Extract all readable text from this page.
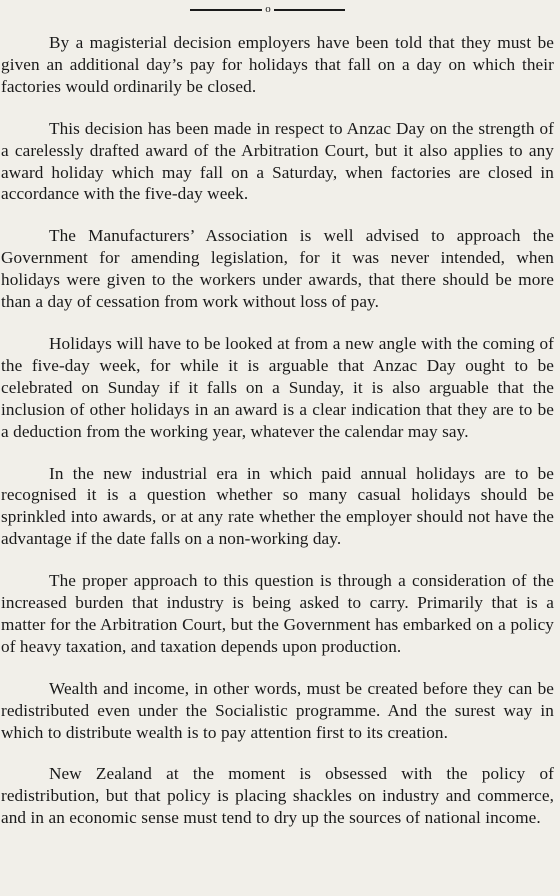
o

By a magisterial decision employers have been told that they must be given an additional day’s pay for holidays that fall on a day on which their factories would ordinarily be closed.

This decision has been made in respect to Anzac Day on the strength of a carelessly drafted award of the Arbitration Court, but it also applies to any award holiday which may fall on a Saturday, when factories are closed in accordance with the five-day week.

The Manufacturers’ Association is well advised to approach the Government for amending legislation, for it was never intended, when holidays were given to the workers under awards, that there should be more than a day of cessation from work without loss of pay.

Holidays will have to be looked at from a new angle with the coming of the five-day week, for while it is arguable that Anzac Day ought to be celebrated on Sunday if it falls on a Sunday, it is also arguable that the inclusion of other holidays in an award is a clear indication that they are to be a deduction from the working year, whatever the calendar may say.

In the new industrial era in which paid annual holidays are to be recognised it is a question whether so many casual holidays should be sprinkled into awards, or at any rate whether the employer should not have the advantage if the date falls on a non-working day.

The proper approach to this question is through a consideration of the increased burden that industry is being asked to carry. Primarily that is a matter for the Arbitration Court, but the Government has embarked on a policy of heavy taxation, and taxation depends upon production.

Wealth and income, in other words, must be created before they can be redistributed even under the Socialistic programme. And the surest way in which to distribute wealth is to pay attention first to its creation.

New Zealand at the moment is obsessed with the policy of redistribution, but that policy is placing shackles on industry and commerce, and in an economic sense must tend to dry up the sources of national income.
